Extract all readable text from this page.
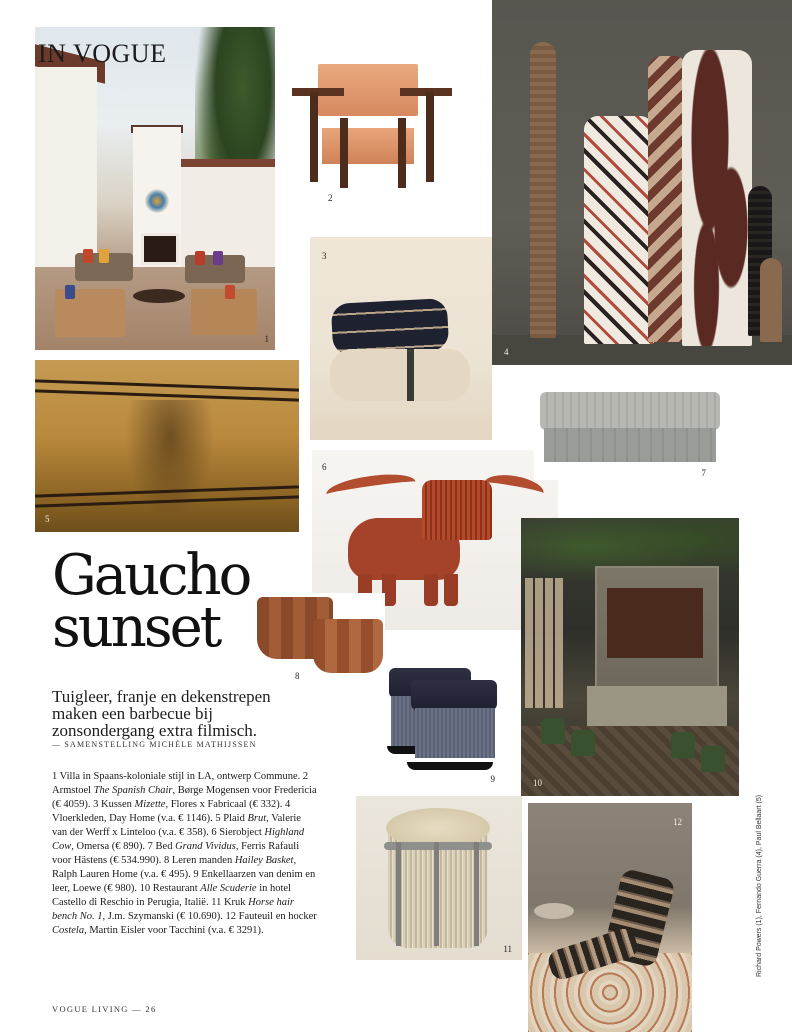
1
IN VOGUE
2
3
4
5
6
7
8
9	10
11
12
Gaucho
sunset
Tuigleer, franje en dekenstrepen maken een barbecue bij zonsondergang extra filmisch.
— SAMENSTELLING MICHÈLE MATHIJSSEN
1 Villa in Spaans-koloniale stijl in LA, ontwerp Commune. 2 Armstoel The Spanish Chair, Børge Mogensen voor Fredericia (€ 4059). 3 Kussen Mizette, Flores x Fabricaal (€ 332). 4 Vloerkleden, Day Home (v.a. € 1146). 5 Plaid Brut, Valerie van der Werff x Linteloo (v.a. € 358). 6 Sierobject Highland Cow, Omersa (€ 890). 7 Bed Grand Vividus, Ferris Rafauli voor Hästens (€ 534.990). 8 Leren manden Hailey Basket, Ralph Lauren Home (v.a. € 495). 9 Enkellaarzen van denim en leer, Loewe (€ 980). 10 Restaurant Alle Scuderie in hotel Castello di Reschio in Perugia, Italië. 11 Kruk Horse hair bench No. 1, J.m. Szymanski (€ 10.690). 12 Fauteuil en hocker Costela, Martin Eisler voor Tacchini (v.a. € 3291).
VOGUE LIVING — 26
Richard Powers (1), Fernando Guerra (4), Paul Bellaart (5)
